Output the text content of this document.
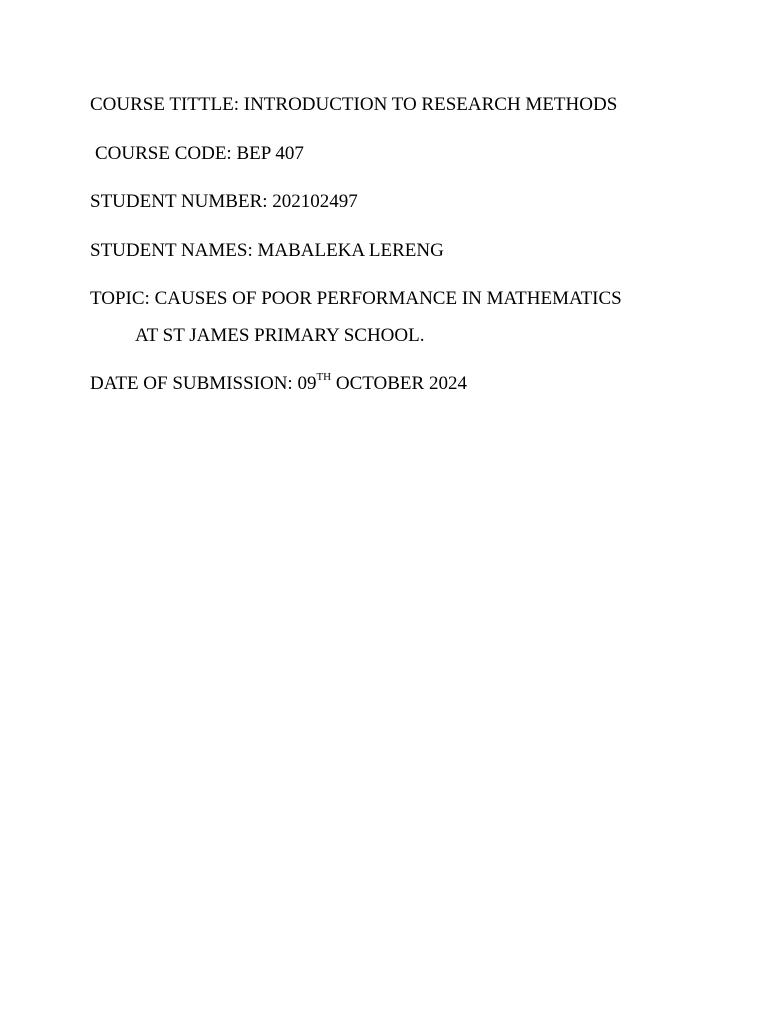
COURSE TITTLE: INTRODUCTION TO RESEARCH METHODS

COURSE CODE: BEP 407

STUDENT NUMBER: 202102497

STUDENT NAMES: MABALEKA LERENG

TOPIC: CAUSES OF POOR PERFORMANCE IN MATHEMATICS

AT ST JAMES PRIMARY SCHOOL.

DATE OF SUBMISSION: 09TH OCTOBER 2024
